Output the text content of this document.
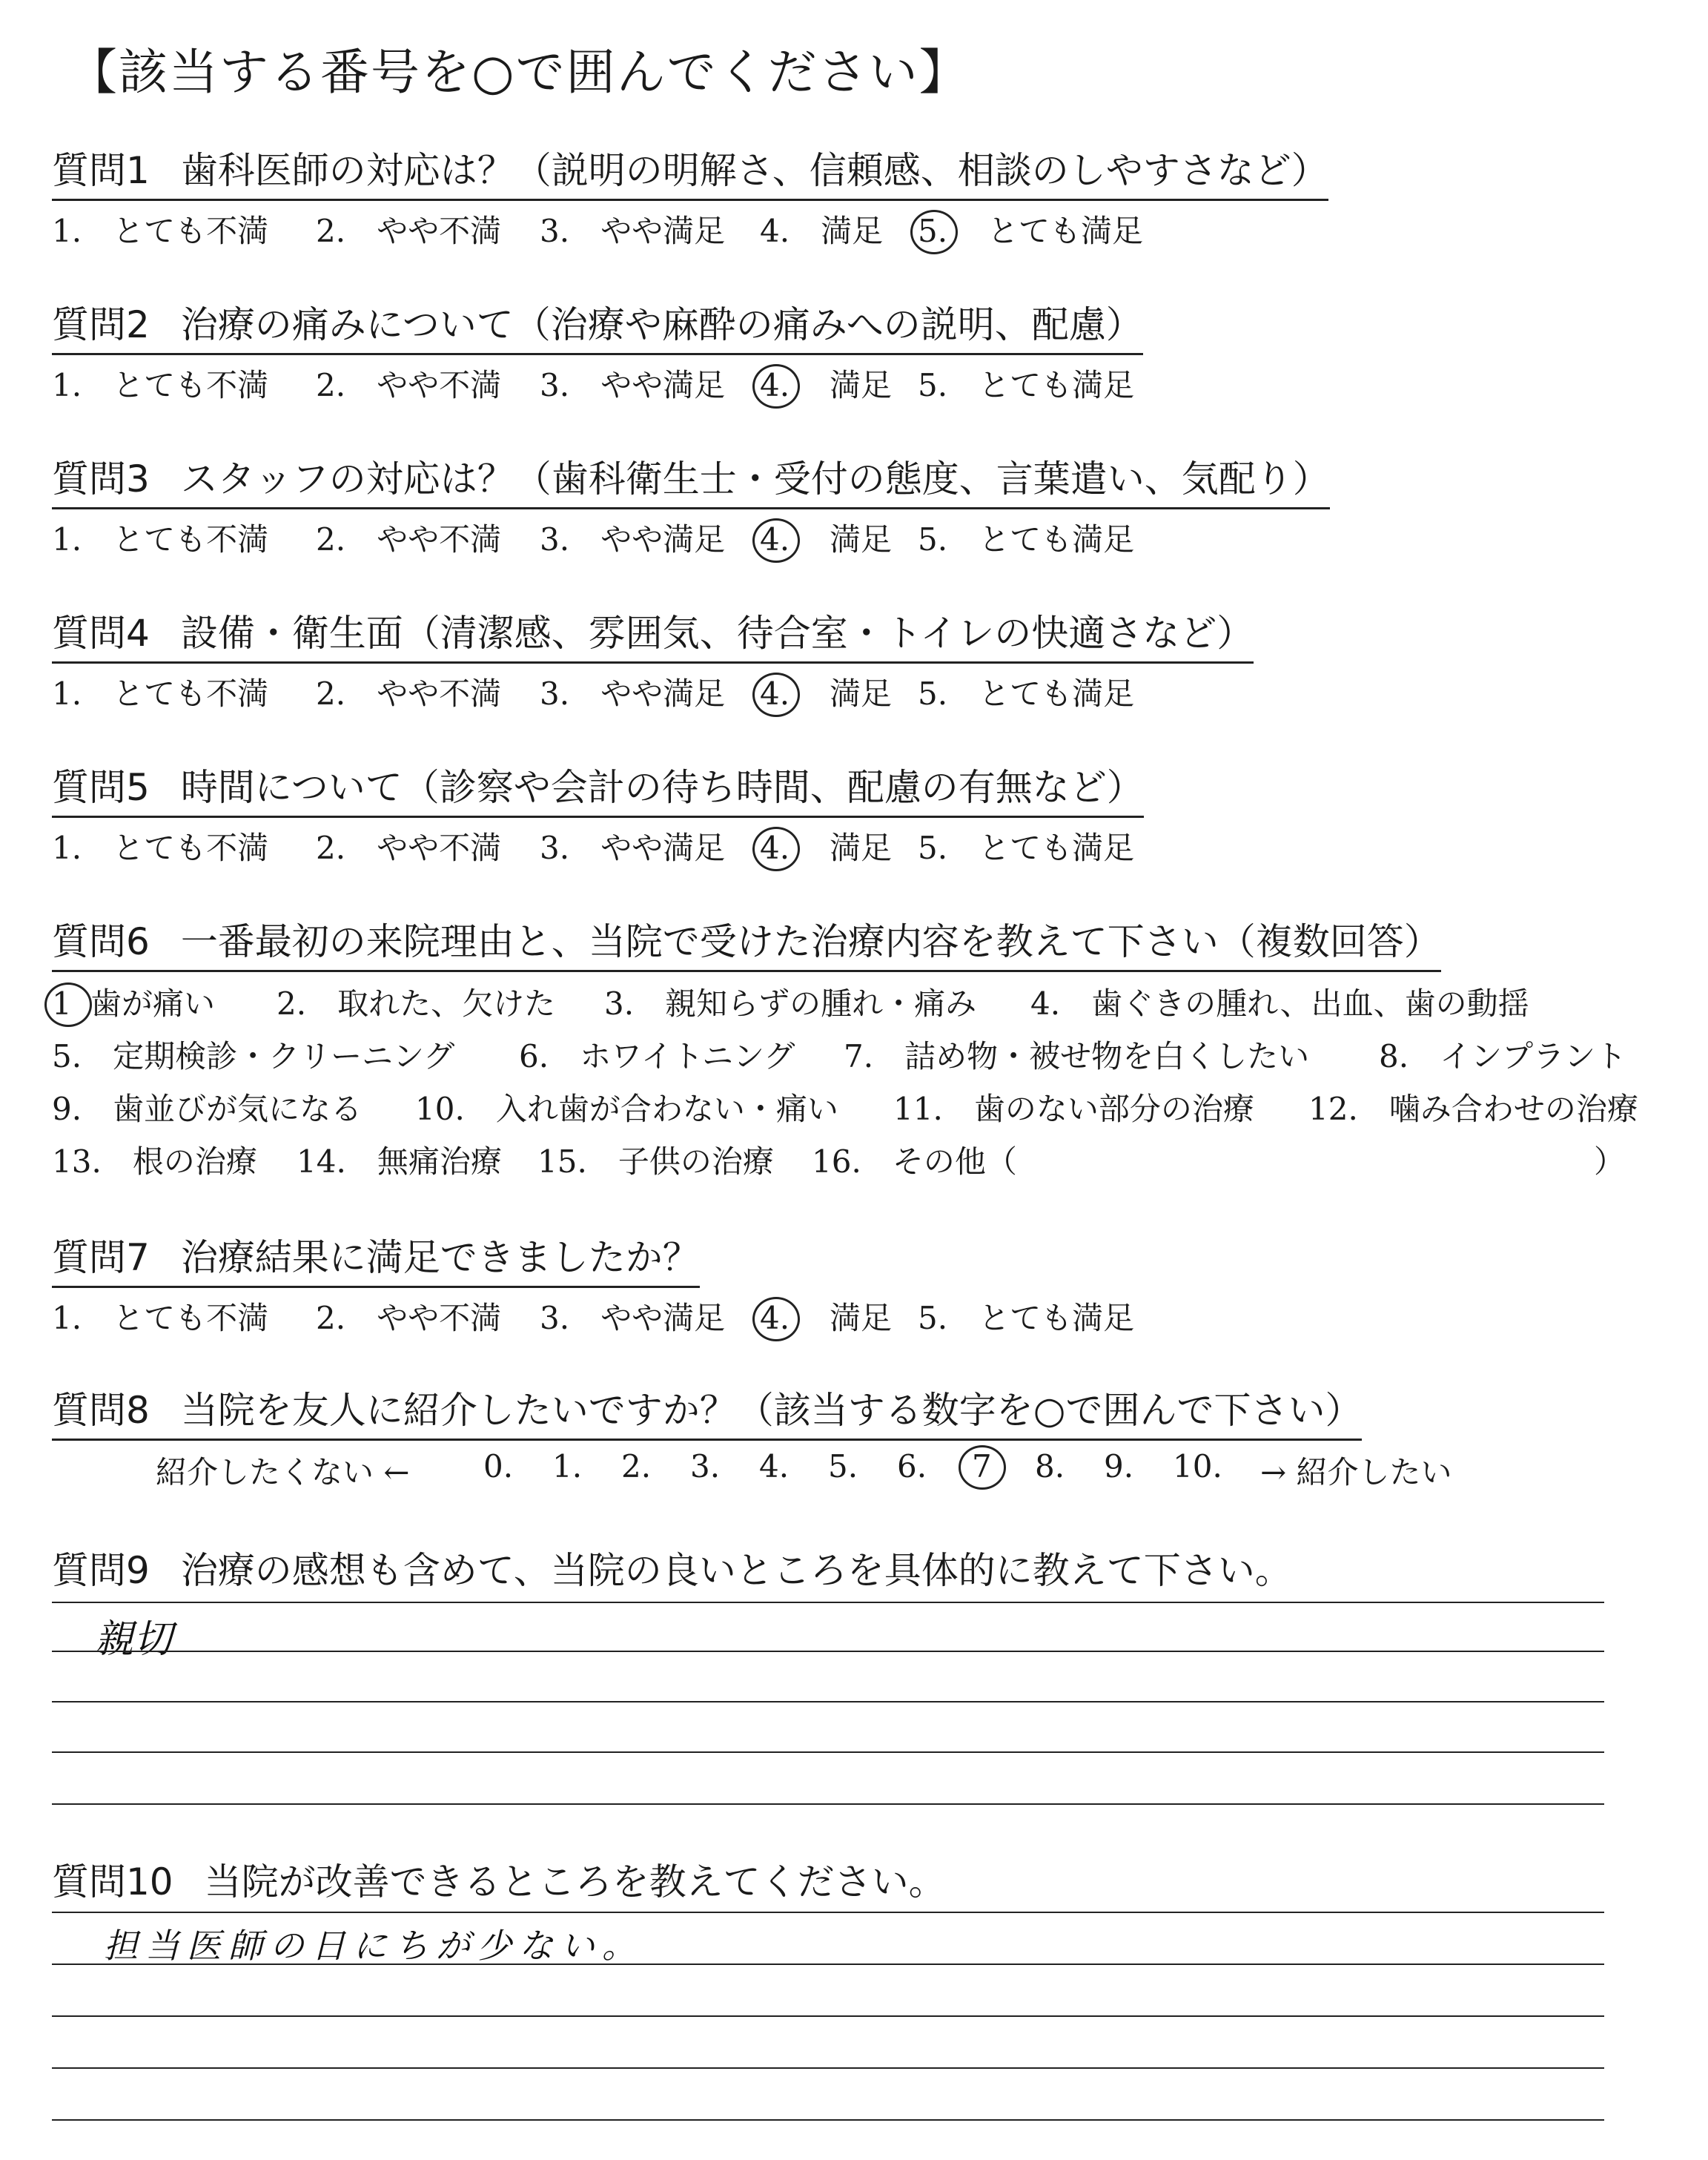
【該当する番号を○で囲んでください】
質問1 歯科医師の対応は？（説明の明解さ、信頼感、相談のしやすさなど）
1.　とても不満 2.　やや不満 3.　やや満足 4.　満足 5.　とても満足
質問2 治療の痛みについて（治療や麻酔の痛みへの説明、配慮）
1.　とても不満 2.　やや不満 3.　やや満足 4.　満足 5.　とても満足
質問3 スタッフの対応は？（歯科衛生士・受付の態度、言葉遣い、気配り）
1.　とても不満 2.　やや不満 3.　やや満足 4.　満足 5.　とても満足
質問4 設備・衛生面（清潔感、雰囲気、待合室・トイレの快適さなど）
1.　とても不満 2.　やや不満 3.　やや満足 4.　満足 5.　とても満足
質問5 時間について（診察や会計の待ち時間、配慮の有無など）
1.　とても不満 2.　やや不満 3.　やや満足 4.　満足 5.　とても満足
質問6 一番最初の来院理由と、当院で受けた治療内容を教えて下さい（複数回答）
1 歯が痛い 2.　 取れた、欠けた 3.　 親知らずの腫れ・痛み 4.　 歯ぐきの腫れ、出血、歯の動揺
5.　 定期検診・クリーニング 6.　 ホワイトニング 7.　 詰め物・被せ物を白くしたい 8.　 インプラント
9.　 歯並びが気になる 10.　 入れ歯が合わない・痛い 11.　 歯のない部分の治療 12.　 噛み合わせの治療
13.　 根の治療 14.　 無痛治療 15.　 子供の治療 16.　 その他（	）
質問7 治療結果に満足できましたか？
1.　とても不満 2.　やや不満 3.　やや満足 4.　満足 5.　とても満足
質問8 当院を友人に紹介したいですか？（該当する数字を○で囲んで下さい）
紹介したくない ← 0. 1. 2. 3. 4. 5. 6. 7 8. 9. 10. → 紹介したい
質問9 治療の感想も含めて、当院の良いところを具体的に教えて下さい。
親切
質問10 当院が改善できるところを教えてください。
担当医師の日にちが少ない。
